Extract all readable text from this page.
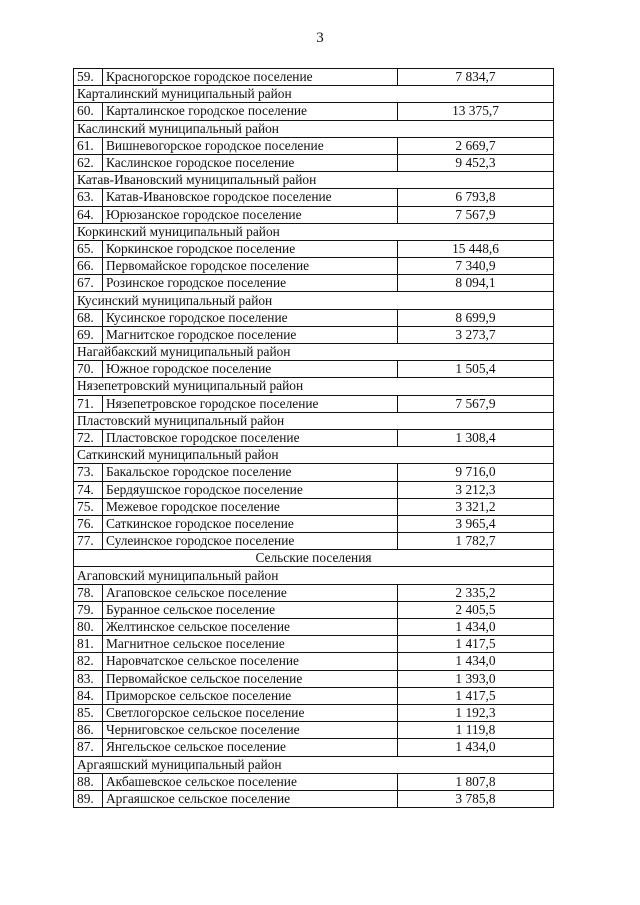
3
59.	Красногорское городское поселение	7 834,7
Карталинский муниципальный район		
60.	Карталинское городское поселение	13 375,7
Каслинский муниципальный район		
61.	Вишневогорское городское поселение	2 669,7
62.	Каслинское городское поселение	9 452,3
Катав-Ивановский муниципальный район		
63.	Катав-Ивановское городское поселение	6 793,8
64.	Юрюзанское городское поселение	7 567,9
Коркинский муниципальный район		
65.	Коркинское городское поселение	15 448,6
66.	Первомайское городское поселение	7 340,9
67.	Розинское городское поселение	8 094,1
Кусинский муниципальный район		
68.	Кусинское городское поселение	8 699,9
69.	Магнитское городское поселение	3 273,7
Нагайбакский муниципальный район		
70.	Южное городское поселение	1 505,4
Нязепетровский муниципальный район		
71.	Нязепетровское городское поселение	7 567,9
Пластовский муниципальный район		
72.	Пластовское городское поселение	1 308,4
Саткинский муниципальный район		
73.	Бакальское городское поселение	9 716,0
74.	Бердяушское городское поселение	3 212,3
75.	Межевое городское поселение	3 321,2
76.	Саткинское городское поселение	3 965,4
77.	Сулеинское городское поселение	1 782,7
Сельские поселения		
Агаповский муниципальный район		
78.	Агаповское сельское поселение	2 335,2
79.	Буранное сельское поселение	2 405,5
80.	Желтинское сельское поселение	1 434,0
81.	Магнитное сельское поселение	1 417,5
82.	Наровчатское сельское поселение	1 434,0
83.	Первомайское сельское поселение	1 393,0
84.	Приморское сельское поселение	1 417,5
85.	Светлогорское сельское поселение	1 192,3
86.	Черниговское сельское поселение	1 119,8
87.	Янгельское сельское поселение	1 434,0
Аргаяшский муниципальный район		
88.	Акбашевское сельское поселение	1 807,8
89.	Аргаяшское сельское поселение	3 785,8
